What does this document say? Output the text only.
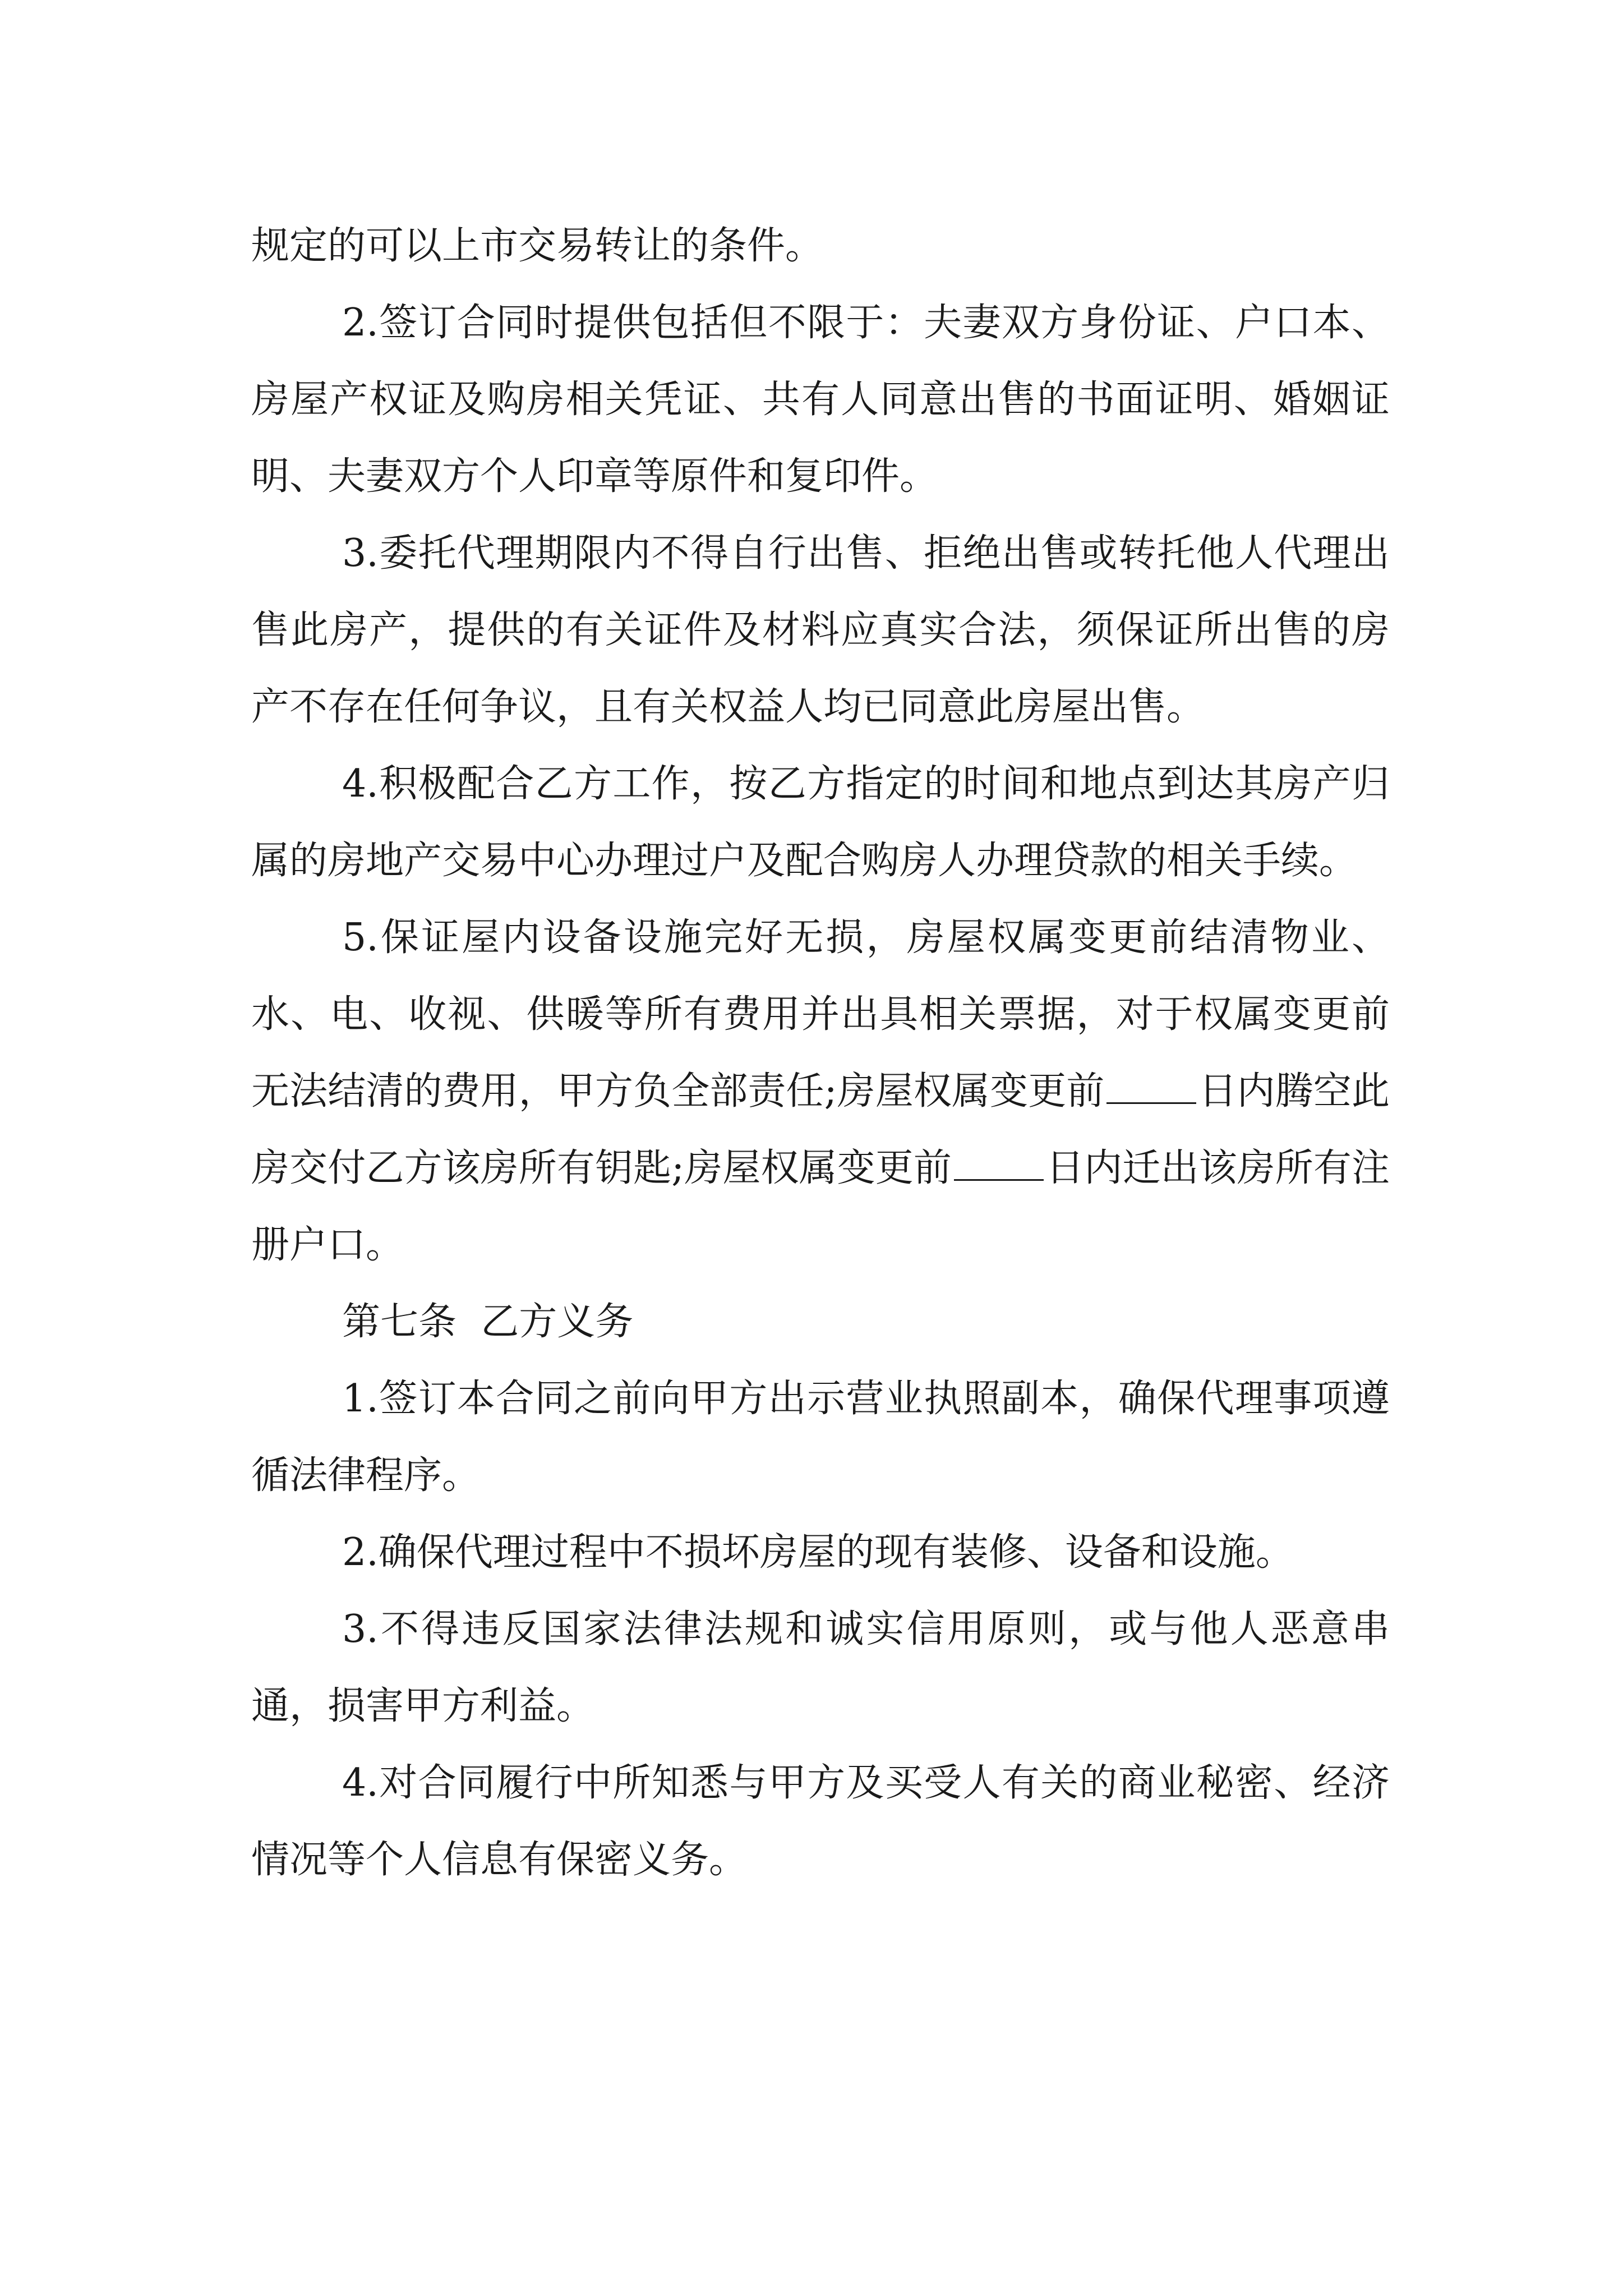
规定的可以上市交易转让的条件。

2.签订合同时提供包括但不限于：夫妻双方身份证、户口本、房屋产权证及购房相关凭证、共有人同意出售的书面证明、婚姻证明、夫妻双方个人印章等原件和复印件。

3.委托代理期限内不得自行出售、拒绝出售或转托他人代理出售此房产，提供的有关证件及材料应真实合法，须保证所出售的房产不存在任何争议，且有关权益人均已同意此房屋出售。

4.积极配合乙方工作，按乙方指定的时间和地点到达其房产归属的房地产交易中心办理过户及配合购房人办理贷款的相关手续。

5.保证屋内设备设施完好无损，房屋权属变更前结清物业、水、电、收视、供暖等所有费用并出具相关票据，对于权属变更前无法结清的费用，甲方负全部责任;房屋权属变更前 日内腾空此房交付乙方该房所有钥匙;房屋权属变更前 日内迁出该房所有注册户口。

第七条  乙方义务

1.签订本合同之前向甲方出示营业执照副本，确保代理事项遵循法律程序。

2.确保代理过程中不损坏房屋的现有装修、设备和设施。

3.不得违反国家法律法规和诚实信用原则，或与他人恶意串通，损害甲方利益。

4.对合同履行中所知悉与甲方及买受人有关的商业秘密、经济情况等个人信息有保密义务。
